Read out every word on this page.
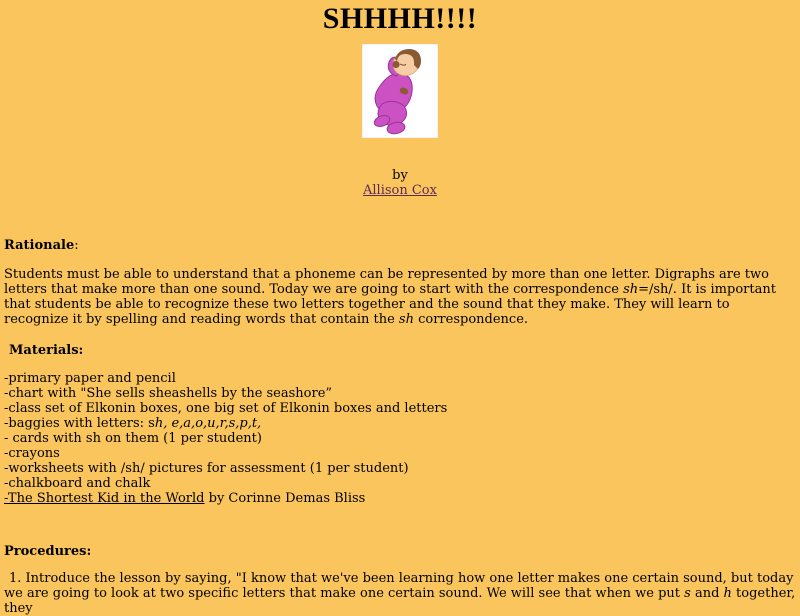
SHHHH!!!!
by
Allison Cox
Rationale:
Students must be able to understand that a phoneme can be represented by more than one letter. Digraphs are two letters that make more than one sound. Today we are going to start with the correspondence sh=/sh/. It is important that students be able to recognize these two letters together and the sound that they make. They will learn to recognize it by spelling and reading words that contain the sh correspondence.
Materials:
-primary paper and pencil
-chart with "She sells sheashells by the seashore”
-class set of Elkonin boxes, one big set of Elkonin boxes and letters
-baggies with letters: sh, e,a,o,u,r,s,p,t,
- cards with sh on them (1 per student)
-crayons
-worksheets with /sh/ pictures for assessment (1 per student)
-chalkboard and chalk
-The Shortest Kid in the World by Corinne Demas Bliss
Procedures:
1. Introduce the lesson by saying, "I know that we've been learning how one letter makes one certain sound, but today we are going to look at two specific letters that make one certain sound. We will see that when we put s and h together, they
